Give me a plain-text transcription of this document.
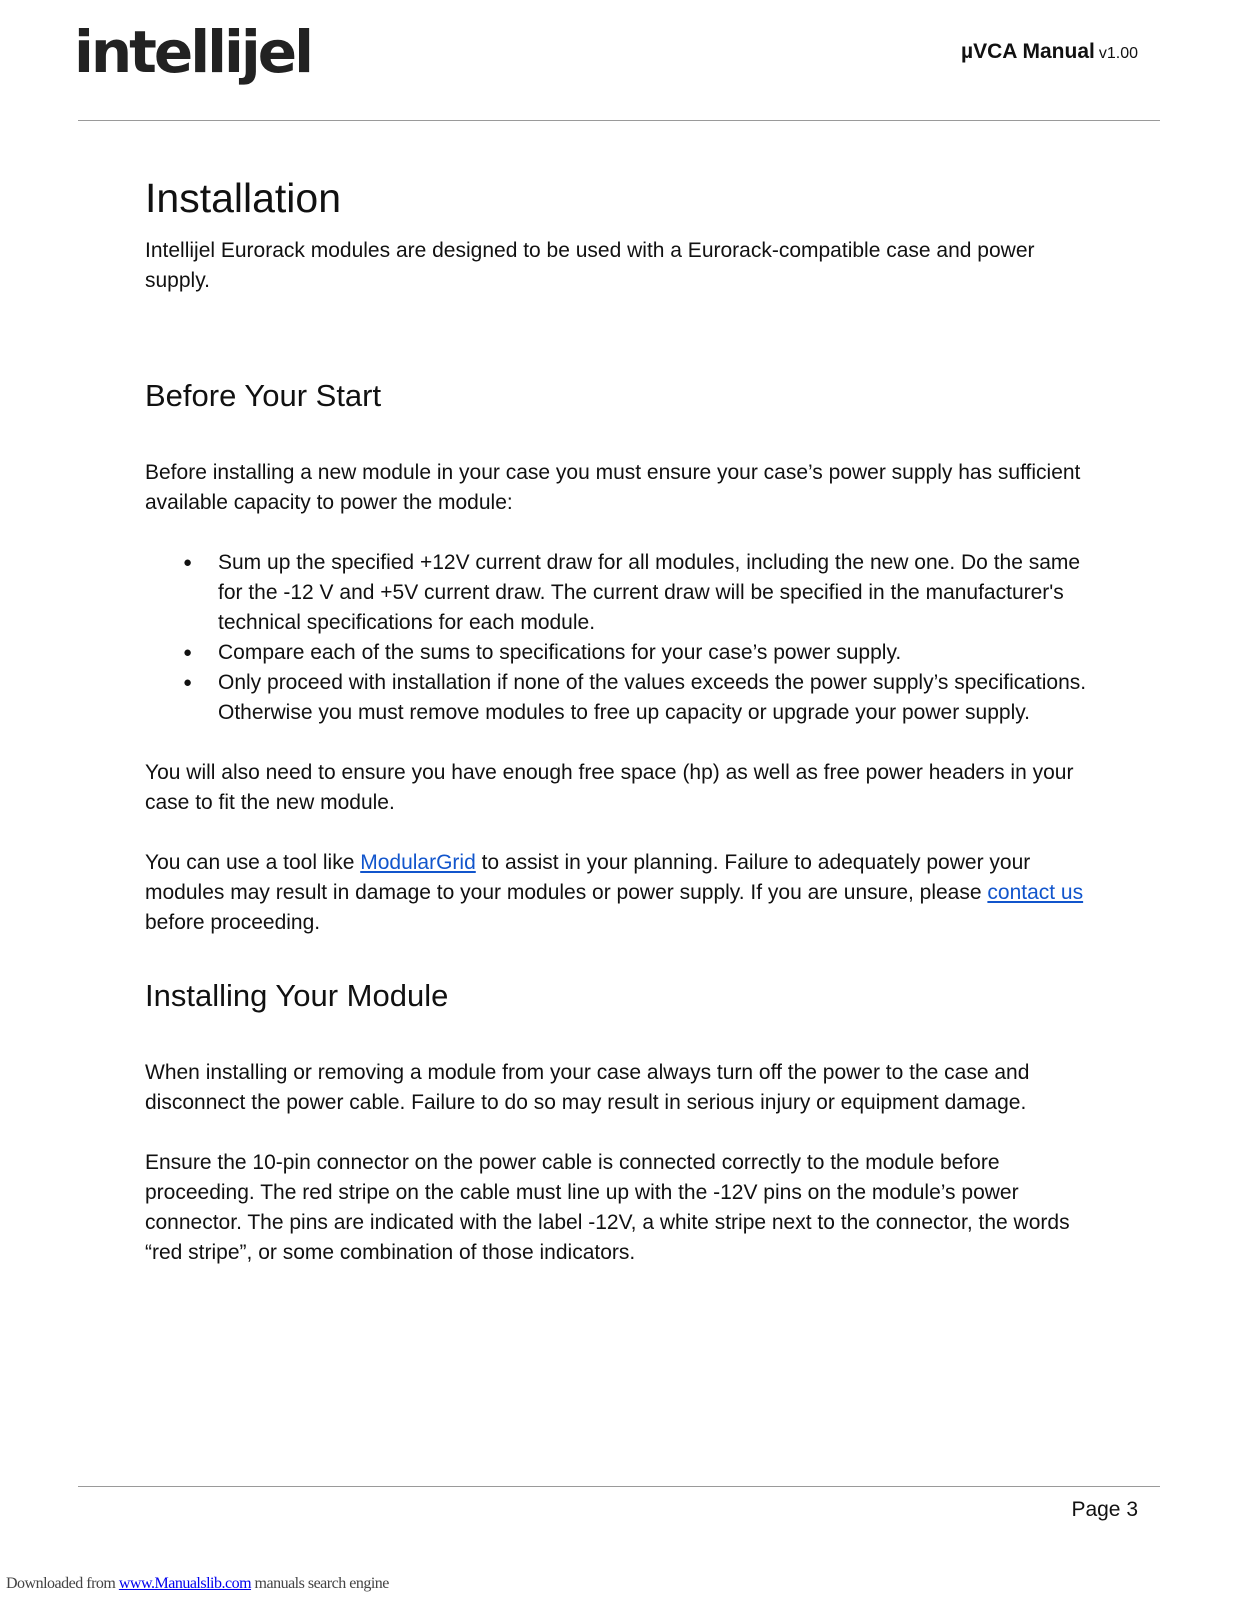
intellijel	µVCA Manual v1.00
Installation

Intellijel Eurorack modules are designed to be used with a Eurorack-compatible case and power supply.

Before Your Start

Before installing a new module in your case you must ensure your case’s power supply has sufficient available capacity to power the module:

● Sum up the specified +12V current draw for all modules, including the new one. Do the same for the -12 V and +5V current draw. The current draw will be specified in the manufacturer's technical specifications for each module.
● Compare each of the sums to specifications for your case’s power supply.
● Only proceed with installation if none of the values exceeds the power supply’s specifications. Otherwise you must remove modules to free up capacity or upgrade your power supply.

You will also need to ensure you have enough free space (hp) as well as free power headers in your case to fit the new module.

You can use a tool like ModularGrid to assist in your planning. Failure to adequately power your modules may result in damage to your modules or power supply. If you are unsure, please contact us before proceeding.

Installing Your Module

When installing or removing a module from your case always turn off the power to the case and disconnect the power cable. Failure to do so may result in serious injury or equipment damage.

Ensure the 10-pin connector on the power cable is connected correctly to the module before proceeding. The red stripe on the cable must line up with the -12V pins on the module’s power connector. The pins are indicated with the label -12V, a white stripe next to the connector, the words “red stripe”, or some combination of those indicators.

Page 3
Downloaded from www.Manualslib.com manuals search engine
